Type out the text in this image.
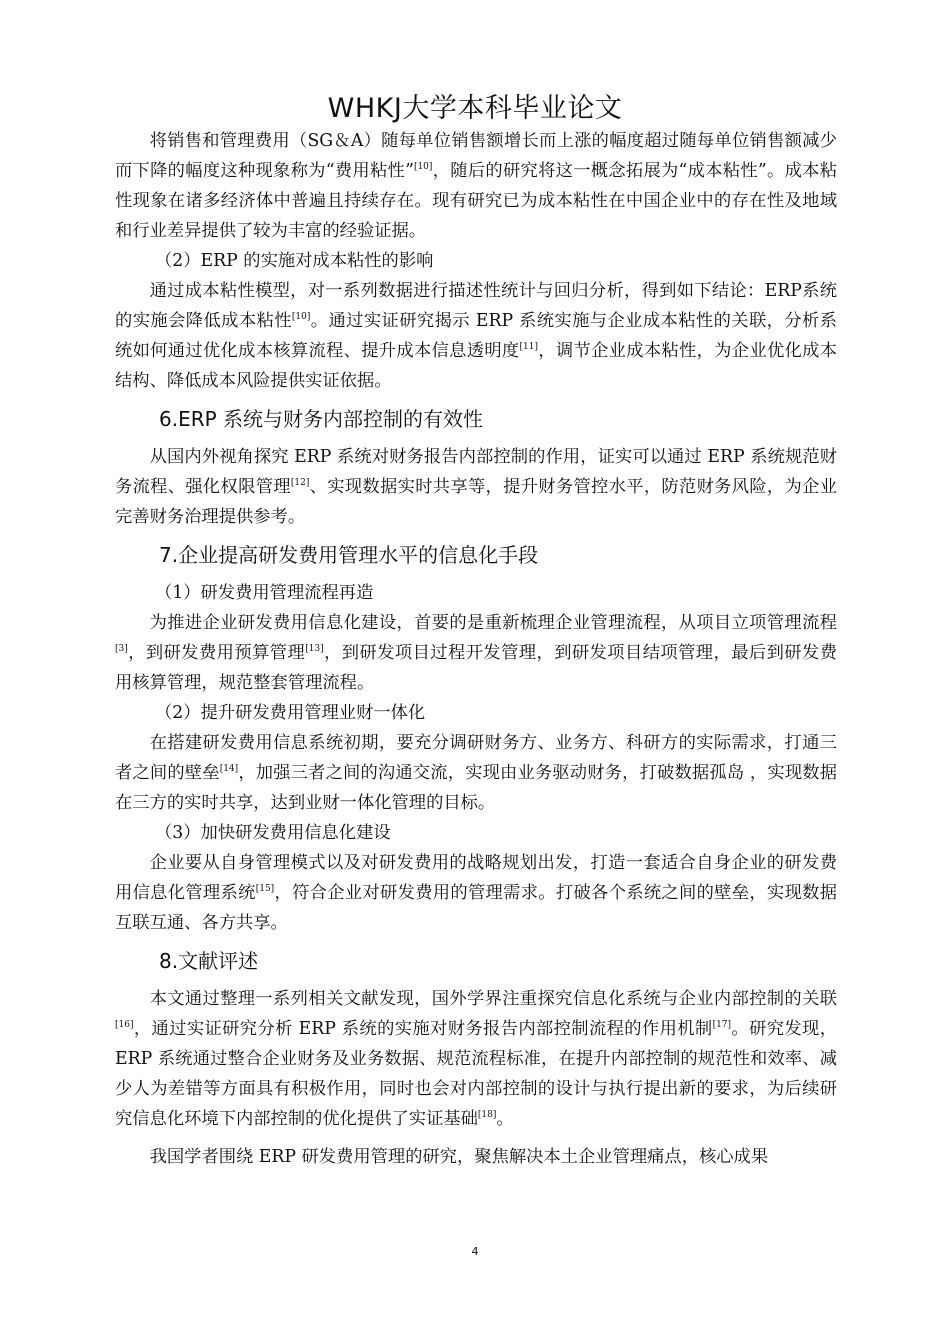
WHKJ大学本科毕业论文

将销售和管理费用（SG＆A）随每单位销售额增长而上涨的幅度超过随每单位销售额减少而下降的幅度这种现象称为“费用粘性”[10]，随后的研究将这一概念拓展为“成本粘性”。成本粘性现象在诸多经济体中普遍且持续存在。现有研究已为成本粘性在中国企业中的存在性及地域和行业差异提供了较为丰富的经验证据。

（2）ERP 的实施对成本粘性的影响

通过成本粘性模型，对一系列数据进行描述性统计与回归分析，得到如下结论：ERP系统的实施会降低成本粘性[10]。通过实证研究揭示 ERP 系统实施与企业成本粘性的关联，分析系统如何通过优化成本核算流程、提升成本信息透明度[11]，调节企业成本粘性，为企业优化成本结构、降低成本风险提供实证依据。

6.ERP 系统与财务内部控制的有效性

从国内外视角探究 ERP 系统对财务报告内部控制的作用，证实可以通过 ERP 系统规范财务流程、强化权限管理[12]、实现数据实时共享等，提升财务管控水平，防范财务风险，为企业完善财务治理提供参考。

7.企业提高研发费用管理水平的信息化手段

（1）研发费用管理流程再造

为推进企业研发费用信息化建设，首要的是重新梳理企业管理流程，从项目立项管理流程[3]，到研发费用预算管理[13]，到研发项目过程开发管理，到研发项目结项管理，最后到研发费用核算管理，规范整套管理流程。

（2）提升研发费用管理业财一体化

在搭建研发费用信息系统初期，要充分调研财务方、业务方、科研方的实际需求，打通三者之间的壁垒[14]，加强三者之间的沟通交流，实现由业务驱动财务，打破数据孤岛 ，实现数据在三方的实时共享，达到业财一体化管理的目标。

（3）加快研发费用信息化建设

企业要从自身管理模式以及对研发费用的战略规划出发，打造一套适合自身企业的研发费用信息化管理系统[15]，符合企业对研发费用的管理需求。打破各个系统之间的壁垒，实现数据互联互通、各方共享。

8.文献评述

本文通过整理一系列相关文献发现，国外学界注重探究信息化系统与企业内部控制的关联[16]，通过实证研究分析 ERP 系统的实施对财务报告内部控制流程的作用机制[17]。研究发现，ERP 系统通过整合企业财务及业务数据、规范流程标准，在提升内部控制的规范性和效率、减少人为差错等方面具有积极作用，同时也会对内部控制的设计与执行提出新的要求，为后续研究信息化环境下内部控制的优化提供了实证基础[18]。

我国学者围绕 ERP 研发费用管理的研究，聚焦解决本土企业管理痛点，核心成果

4
